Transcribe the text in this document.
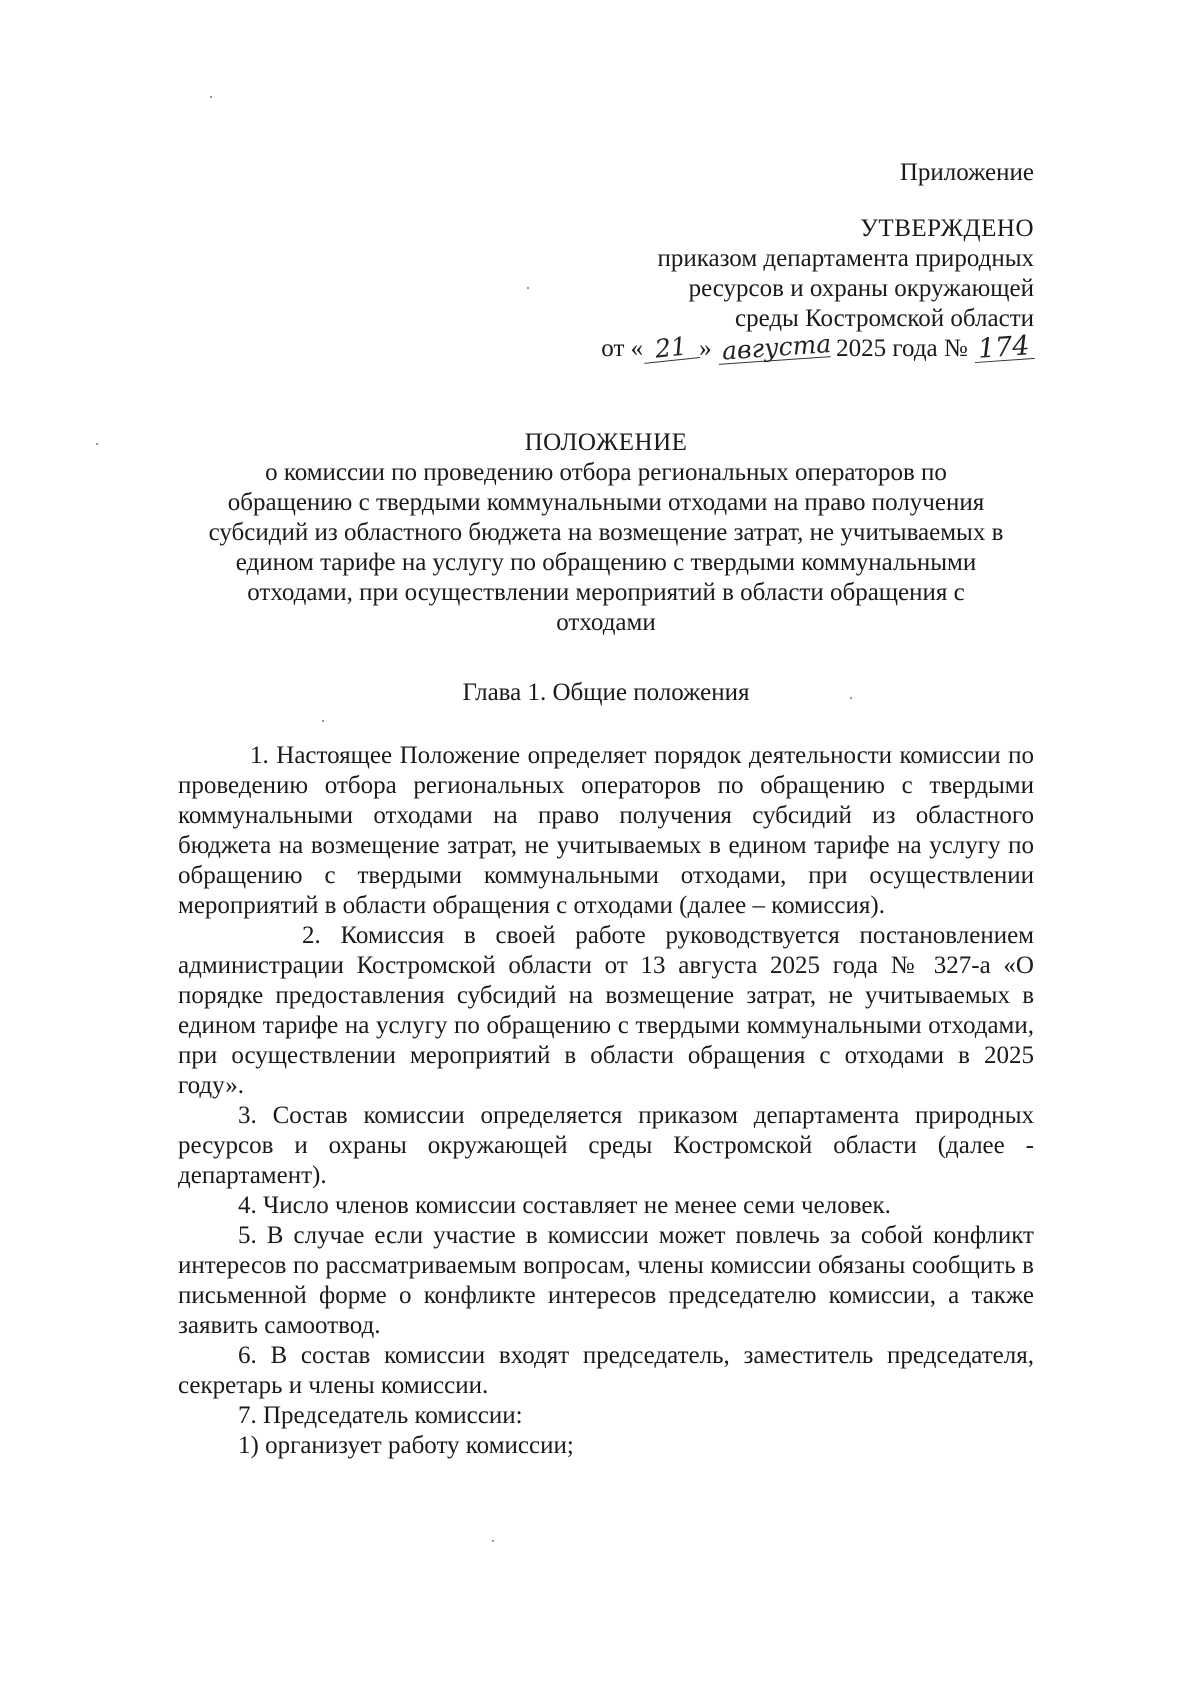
Приложение
УТВЕРЖДЕНО
приказом департамента природных
ресурсов и охраны окружающей
среды Костромской области
от « 21 » августа 2025 года № 174
ПОЛОЖЕНИЕ
о комиссии по проведению отбора региональных операторов по
обращению с твердыми коммунальными отходами на право получения
субсидий из областного бюджета на возмещение затрат, не учитываемых в
едином тарифе на услугу по обращению с твердыми коммунальными
отходами, при осуществлении мероприятий в области обращения с
отходами
Глава 1. Общие положения

1. Настоящее Положение определяет порядок деятельности комиссии по проведению отбора региональных операторов по обращению с твердыми коммунальными отходами на право получения субсидий из областного бюджета на возмещение затрат, не учитываемых в едином тарифе на услугу по обращению с твердыми коммунальными отходами, при осуществлении мероприятий в области обращения с отходами (далее – комиссия).

2. Комиссия в своей работе руководствуется постановлением администрации Костромской области от 13 августа 2025 года № 327-а «О порядке предоставления субсидий на возмещение затрат, не учитываемых в едином тарифе на услугу по обращению с твердыми коммунальными отходами, при осуществлении мероприятий в области обращения с отходами в 2025 году».

3. Состав комиссии определяется приказом департамента природных ресурсов и охраны окружающей среды Костромской области (далее - департамент).

4. Число членов комиссии составляет не менее семи человек.

5. В случае если участие в комиссии может повлечь за собой конфликт интересов по рассматриваемым вопросам, члены комиссии обязаны сообщить в письменной форме о конфликте интересов председателю комиссии, а также заявить самоотвод.

6. В состав комиссии входят председатель, заместитель председателя, секретарь и члены комиссии.

7. Председатель комиссии:

1) организует работу комиссии;
